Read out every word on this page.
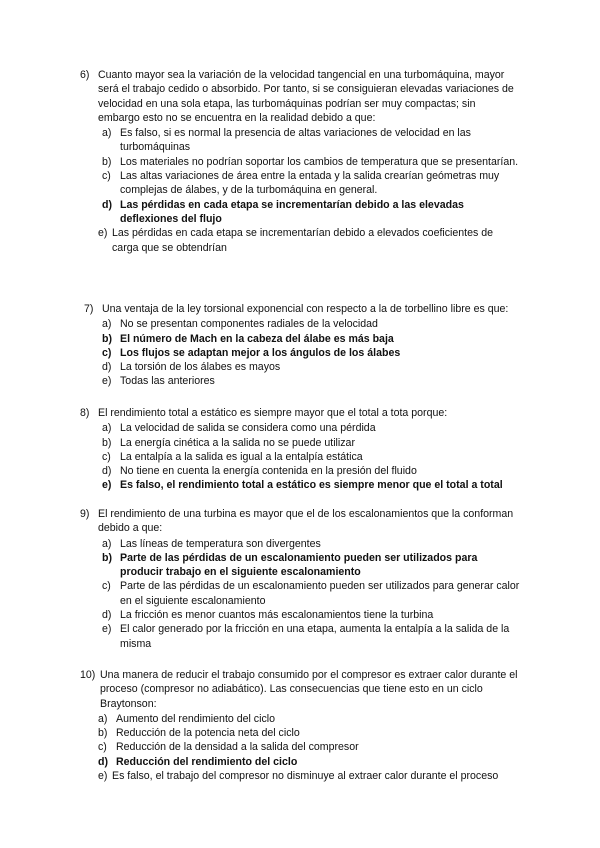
6) Cuanto mayor sea la variación de la velocidad tangencial en una turbomáquina, mayor será el trabajo cedido o absorbido. Por tanto, si se consiguieran elevadas variaciones de velocidad en una sola etapa, las turbomáquinas podrían ser muy compactas; sin embargo esto no se encuentra en la realidad debido a que:
a) Es falso, si es normal la presencia de altas variaciones de velocidad en las turbomáquinas
b) Los materiales no podrían soportar los cambios de temperatura que se presentarían.
c) Las altas variaciones de área entre la entada y la salida crearían geómetras muy complejas de álabes, y de la turbomáquina en general.
d) Las pérdidas en cada etapa se incrementarían debido a las elevadas deflexiones del flujo
e) Las pérdidas en cada etapa se incrementarían debido a elevados coeficientes de carga que se obtendrían
7) Una ventaja de la ley torsional exponencial con respecto a la de torbellino libre es que:
a) No se presentan componentes radiales de la velocidad
b) El número de Mach en la cabeza del álabe es más baja
c) Los flujos se adaptan mejor a los ángulos de los álabes
d) La torsión de los álabes es mayos
e) Todas las anteriores
8) El rendimiento total a estático es siempre mayor que el total a tota porque:
a) La velocidad de salida se considera como una pérdida
b) La energía cinética a la salida no se puede utilizar
c) La entalpía a la salida es igual a la entalpía estática
d) No tiene en cuenta la energía contenida en la presión del fluido
e) Es falso, el rendimiento total a estático es siempre menor que el total a total
9) El rendimiento de una turbina es mayor que el de los escalonamientos que la conforman debido a que:
a) Las líneas de temperatura son divergentes
b) Parte de las pérdidas de un escalonamiento pueden ser utilizados para producir trabajo en el siguiente escalonamiento
c) Parte de las pérdidas de un escalonamiento pueden ser utilizados para generar calor en el siguiente escalonamiento
d) La fricción es menor cuantos más escalonamientos tiene la turbina
e) El calor generado por la fricción en una etapa, aumenta la entalpía a la salida de la misma
10) Una manera de reducir el trabajo consumido por el compresor es extraer calor durante el proceso (compresor no adiabático). Las consecuencias que tiene esto en un ciclo Braytonson:
a) Aumento del rendimiento del ciclo
b) Reducción de la potencia neta del ciclo
c) Reducción de la densidad a la salida del compresor
d) Reducción del rendimiento del ciclo
e) Es falso, el trabajo del compresor no disminuye al extraer calor durante el proceso
